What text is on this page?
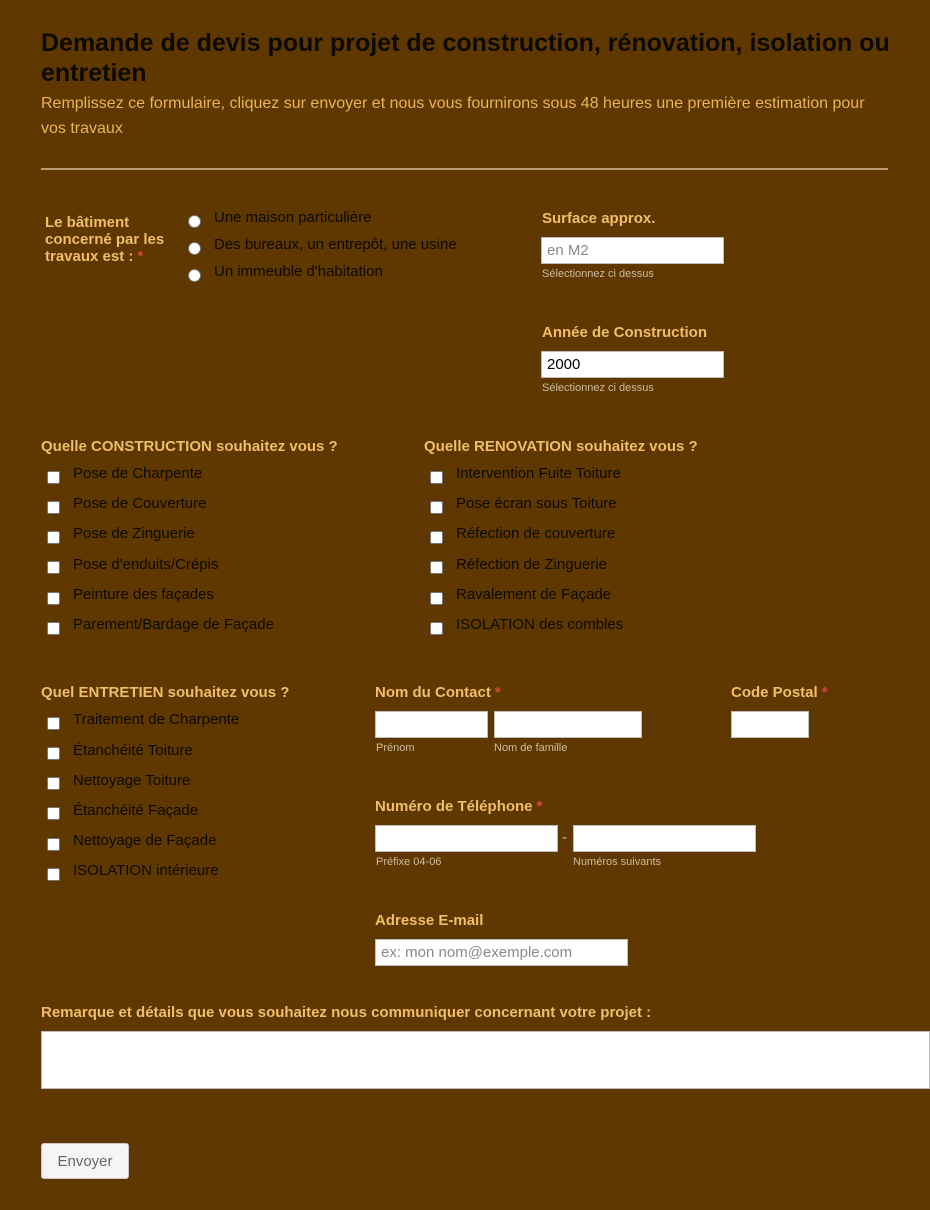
Demande de devis pour projet de construction, rénovation, isolation ou entretien
Remplissez ce formulaire, cliquez sur envoyer et nous vous fournirons sous 48 heures une première estimation pour vos travaux
Le bâtiment concerné par les travaux est : *
Une maison particulière
Des bureaux, un entrepôt, une usine
Un immeuble d'habitation
Surface approx.
en M2
Sélectionnez ci dessus
Année de Construction
2000
Sélectionnez ci dessus
Quelle CONSTRUCTION souhaitez vous ?
Pose de Charpente
Pose de Couverture
Pose de Zinguerie
Pose d'enduits/Crépis
Peinture des façades
Parement/Bardage de Façade
Quelle RENOVATION souhaitez vous ?
Intervention Fuite Toiture
Pose écran sous Toiture
Réfection de couverture
Réfection de Zinguerie
Ravalement de Façade
ISOLATION des combles
Quel ENTRETIEN souhaitez vous ?
Traitement de Charpente
Étanchéité Toiture
Nettoyage Toiture
Étanchéité Façade
Nettoyage de Façade
ISOLATION intérieure
Nom du Contact *
Prénom	Nom de famille
Code Postal *
Numéro de Téléphone *
-
Préfixe 04-06	Numéros suivants
Adresse E-mail
ex: mon nom@exemple.com
Remarque et détails que vous souhaitez nous communiquer concernant votre projet :
Envoyer
